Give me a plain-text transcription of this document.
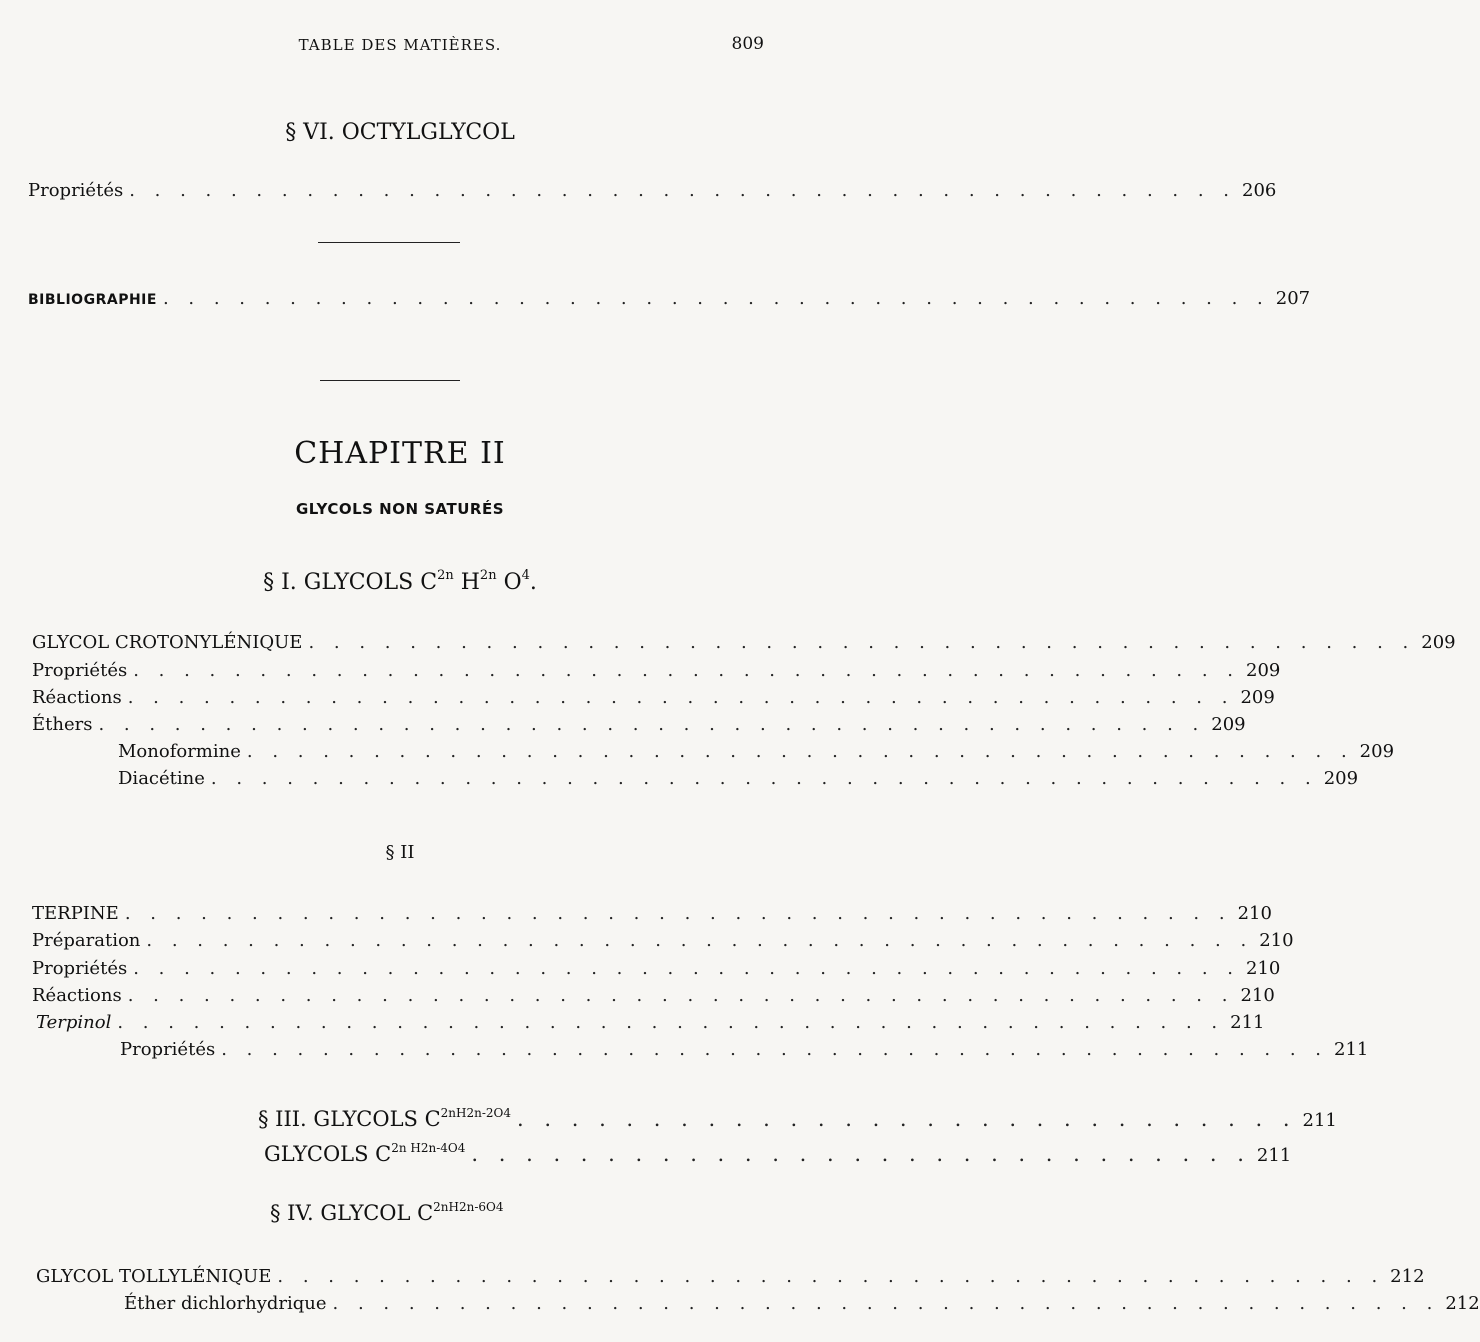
TABLE DES MATIÈRES.	809
§ VI. OCTYLGLYCOL
Propriétés . . . . . . . . . . . . . . . . . . . . . . . . . . . . . . . . . . . . . . . . . . . . 206
BIBLIOGRAPHIE . . . . . . . . . . . . . . . . . . . . . . . . . . . . . . . . . . . . . . . . . . . . 207
CHAPITRE II
GLYCOLS NON SATURÉS
§ I. GLYCOLS $C^{2n}$ $H^{2n}$ $O^4$.
GLYCOL CROTONYLÉNIQUE . . . . . . . . . . . . . . . . . . . . . . . . . . . . . . . . . . . . . . . . . . . . 209
Propriétés . . . . . . . . . . . . . . . . . . . . . . . . . . . . . . . . . . . . . . . . . . . . 209
Réactions . . . . . . . . . . . . . . . . . . . . . . . . . . . . . . . . . . . . . . . . . . . . 209
Éthers . . . . . . . . . . . . . . . . . . . . . . . . . . . . . . . . . . . . . . . . . . . . 209
Monoformine . . . . . . . . . . . . . . . . . . . . . . . . . . . . . . . . . . . . . . . . . . . . 209
Diacétine . . . . . . . . . . . . . . . . . . . . . . . . . . . . . . . . . . . . . . . . . . . . 209
§ II
TERPINE . . . . . . . . . . . . . . . . . . . . . . . . . . . . . . . . . . . . . . . . . . . . 210
Préparation . . . . . . . . . . . . . . . . . . . . . . . . . . . . . . . . . . . . . . . . . . . . 210
Propriétés . . . . . . . . . . . . . . . . . . . . . . . . . . . . . . . . . . . . . . . . . . . . 210
Réactions . . . . . . . . . . . . . . . . . . . . . . . . . . . . . . . . . . . . . . . . . . . . 210
Terpinol . . . . . . . . . . . . . . . . . . . . . . . . . . . . . . . . . . . . . . . . . . . . 211
Propriétés . . . . . . . . . . . . . . . . . . . . . . . . . . . . . . . . . . . . . . . . . . . . 211
§ III. GLYCOLS $C^{2nH2n-2O4}$ . . . . . . . . . . . . . . . . . . . . . . . . . . . . . 211
GLYCOLS $C^{2n H2n-4O4}$ . . . . . . . . . . . . . . . . . . . . . . . . . . . . . 211
§ IV. GLYCOL $C^{2nH2n-6O4}$
GLYCOL TOLLYLÉNIQUE . . . . . . . . . . . . . . . . . . . . . . . . . . . . . . . . . . . . . . . . . . . . 212
Éther dichlorhydrique . . . . . . . . . . . . . . . . . . . . . . . . . . . . . . . . . . . . . . . . . . . . 212
